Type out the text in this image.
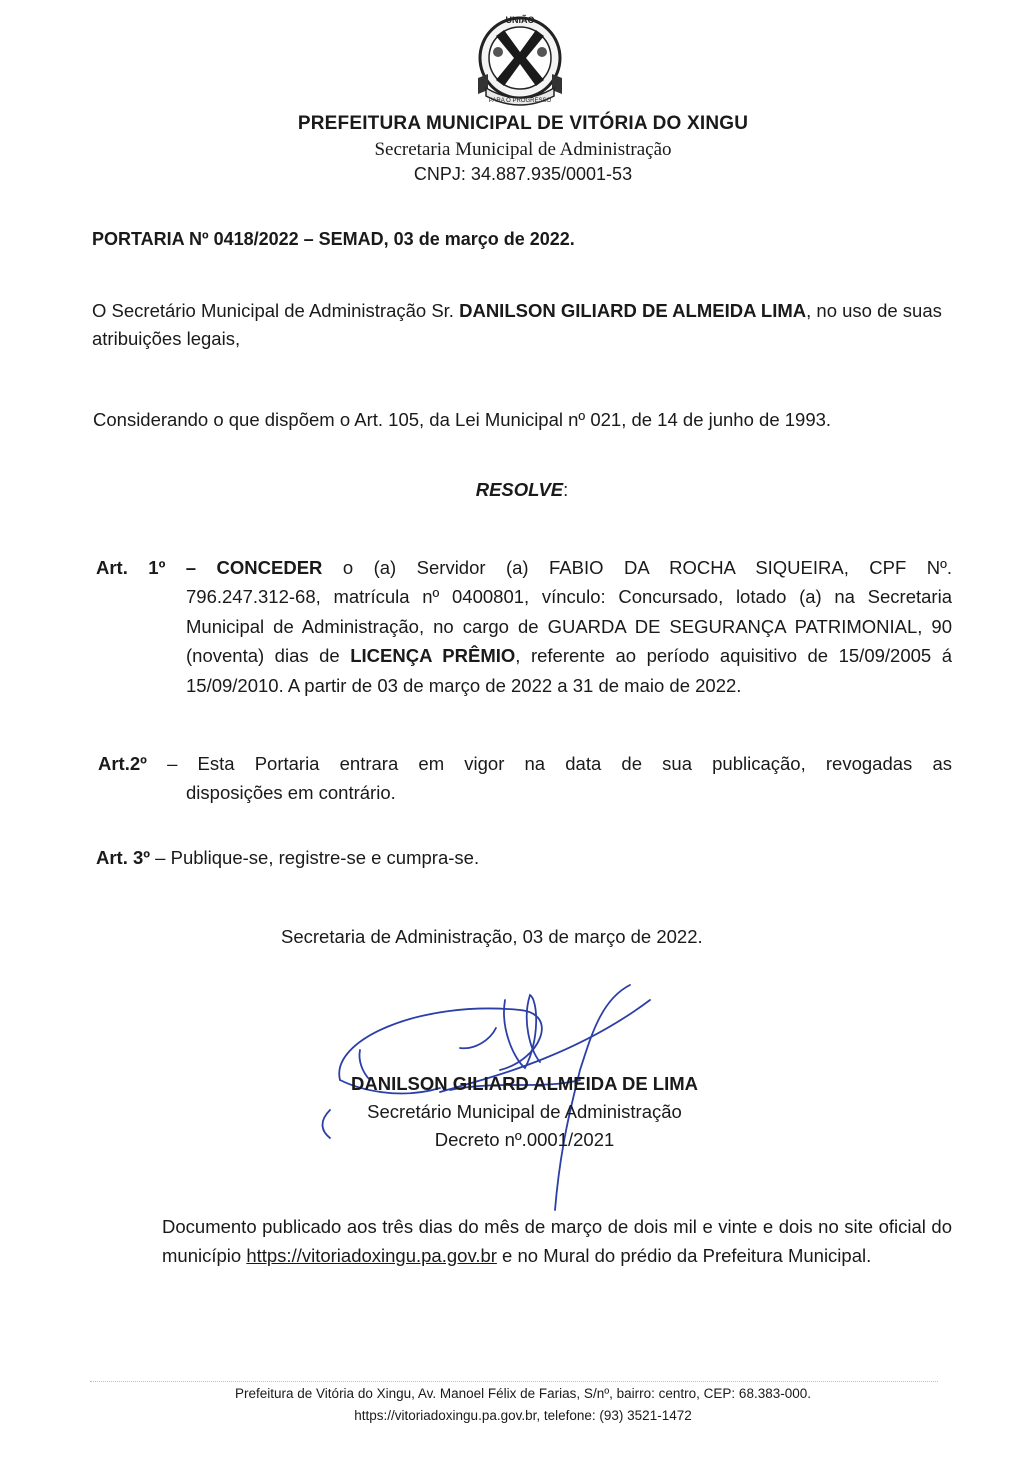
UNIÃO
PARA O PROGRESSO
PREFEITURA MUNICIPAL DE VITÓRIA DO XINGU
Secretaria Municipal de Administração
CNPJ: 34.887.935/0001-53
PORTARIA Nº 0418/2022 – SEMAD, 03 de março de 2022.
O Secretário Municipal de Administração Sr. DANILSON GILIARD DE ALMEIDA LIMA, no uso de suas atribuições legais,
Considerando o que dispõem o Art. 105, da Lei Municipal nº 021, de 14 de junho de 1993.
RESOLVE:
Art. 1º – CONCEDER o (a) Servidor (a) FABIO DA ROCHA SIQUEIRA, CPF Nº.
796.247.312-68, matrícula nº 0400801, vínculo: Concursado, lotado (a) na Secretaria Municipal de Administração, no cargo de GUARDA DE SEGURANÇA PATRIMONIAL, 90 (noventa) dias de LICENÇA PRÊMIO, referente ao período aquisitivo de 15/09/2005 á 15/09/2010. A partir de 03 de março de 2022 a 31 de maio de 2022.
Art.2º – Esta Portaria entrara em vigor na data de sua publicação, revogadas as
disposições em contrário.
Art. 3º – Publique-se, registre-se e cumpra-se.
Secretaria de Administração, 03 de março de 2022.
DANILSON GILIARD ALMEIDA DE LIMA
Secretário Municipal de Administração
Decreto nº.0001/2021
Documento publicado aos três dias do mês de março de dois mil e vinte e dois no site oficial do município https://vitoriadoxingu.pa.gov.br e no Mural do prédio da Prefeitura Municipal.
Prefeitura de Vitória do Xingu, Av. Manoel Félix de Farias, S/nº, bairro: centro, CEP: 68.383-000.
https://vitoriadoxingu.pa.gov.br, telefone: (93) 3521-1472
